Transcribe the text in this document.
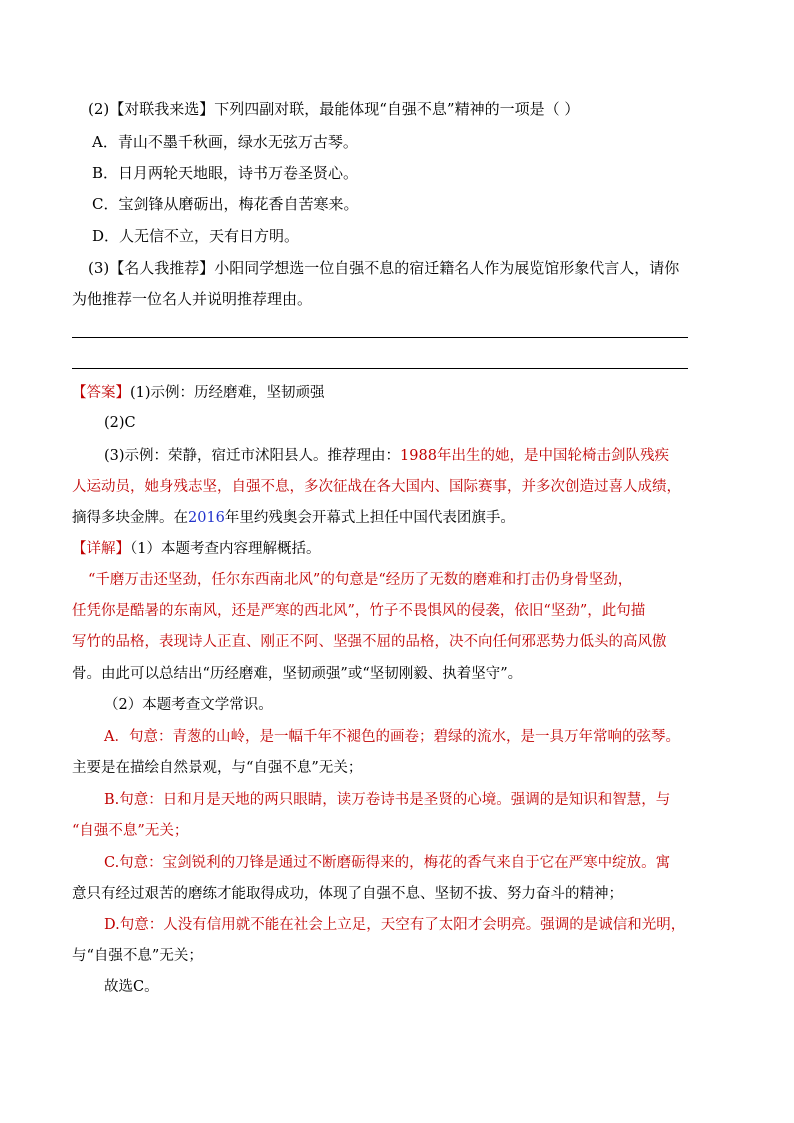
(2)【对联我来选】下列四副对联，最能体现“自强不息”精神的一项是（ ）
A．青山不墨千秋画，绿水无弦万古琴。
B．日月两轮天地眼，诗书万卷圣贤心。
C．宝剑锋从磨砺出，梅花香自苦寒来。
D．人无信不立，天有日方明。
(3)【名人我推荐】小阳同学想选一位自强不息的宿迁籍名人作为展览馆形象代言人，请你
为他推荐一位名人并说明推荐理由。
【答案】(1)示例：历经磨难，坚韧顽强
(2)C
(3)示例：荣静，宿迁市沭阳县人。推荐理由：1988年出生的她，是中国轮椅击剑队残疾
人运动员，她身残志坚，自强不息，多次征战在各大国内、国际赛事，并多次创造过喜人成绩，
摘得多块金牌。在2016年里约残奥会开幕式上担任中国代表团旗手。
【详解】（1）本题考查内容理解概括。
“千磨万击还坚劲，任尔东西南北风”的句意是“经历了无数的磨难和打击仍身骨坚劲，
任凭你是酷暑的东南风，还是严寒的西北风”，竹子不畏惧风的侵袭，依旧“坚劲”，此句描
写竹的品格，表现诗人正直、刚正不阿、坚强不屈的品格，决不向任何邪恶势力低头的高风傲
骨。由此可以总结出“历经磨难，坚韧顽强”或“坚韧刚毅、执着坚守”。
（2）本题考查文学常识。
A．句意：青葱的山岭，是一幅千年不褪色的画卷；碧绿的流水，是一具万年常响的弦琴。
主要是在描绘自然景观，与“自强不息”无关；
B.句意：日和月是天地的两只眼睛，读万卷诗书是圣贤的心境。强调的是知识和智慧，与
“自强不息”无关；
C.句意：宝剑锐利的刀锋是通过不断磨砺得来的，梅花的香气来自于它在严寒中绽放。寓
意只有经过艰苦的磨练才能取得成功，体现了自强不息、坚韧不拔、努力奋斗的精神；
D.句意：人没有信用就不能在社会上立足，天空有了太阳才会明亮。强调的是诚信和光明，
与“自强不息”无关；
故选C。
